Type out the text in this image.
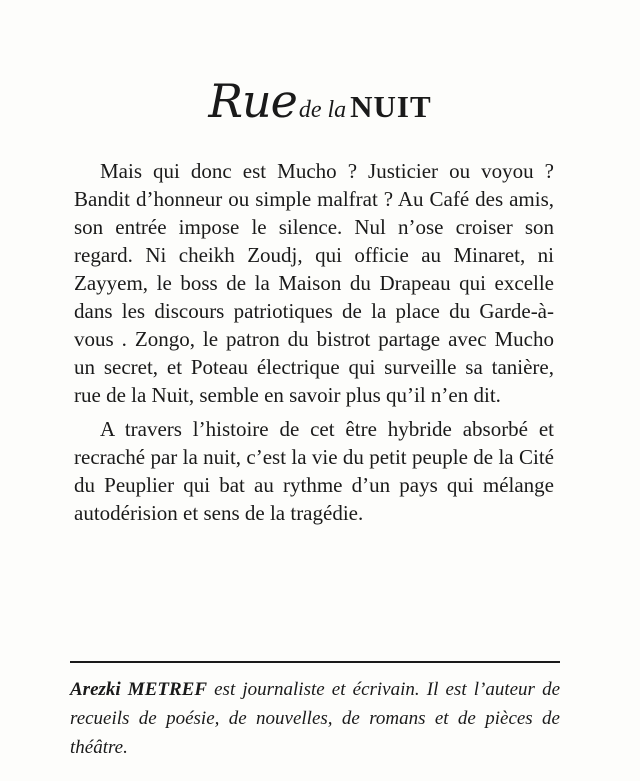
Ruede la NUIT

Mais qui donc est Mucho ? Justicier ou voyou ? Bandit d’honneur ou simple malfrat ? Au Café des amis, son entrée impose le silence. Nul n’ose croiser son regard. Ni cheikh Zoudj, qui officie au Minaret, ni Zayyem, le boss de la Maison du Drapeau qui excelle dans les discours patriotiques de la place du Garde-à-vous . Zongo, le patron du bistrot partage avec Mucho un secret, et Poteau électrique qui surveille sa tanière, rue de la Nuit, semble en savoir plus qu’il n’en dit.

A travers l’histoire de cet être hybride absorbé et recraché par la nuit, c’est la vie du petit peuple de la Cité du Peuplier qui bat au rythme d’un pays qui mélange autodérision et sens de la tragédie.

Arezki METREF est journaliste et écrivain. Il est l’auteur de recueils de poésie, de nouvelles, de romans et de pièces de théâtre.
